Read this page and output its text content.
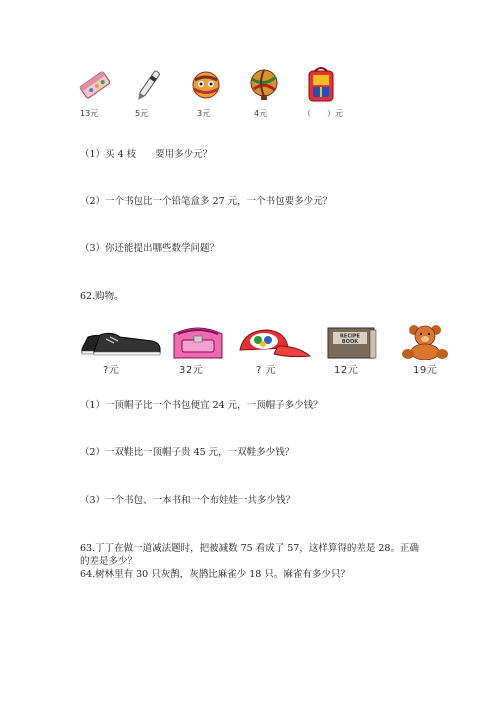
13元	5元	3元	4元	（　　）元
（1）买 4 枝　　要用多少元？
（2）一个书包比一个铅笔盒多 27 元，一个书包要多少元？
（3）你还能提出哪些数学问题？
62.购物。
RECIPE
BOOK
?元	32元	? 元	12元	19元
（1）一顶帽子比一个书包便宜 24 元，一顶帽子多少钱？
（2）一双鞋比一顶帽子贵 45 元，一双鞋多少钱？
（3）一个书包、一本书和一个布娃娃一共多少钱？
63.丁丁在做一道减法题时，把被减数 75 看成了 57，这样算得的差是 28。正确
的差是多少？
64.树林里有 30 只灰鹊，灰鹊比麻雀少 18 只。麻雀有多少只？
